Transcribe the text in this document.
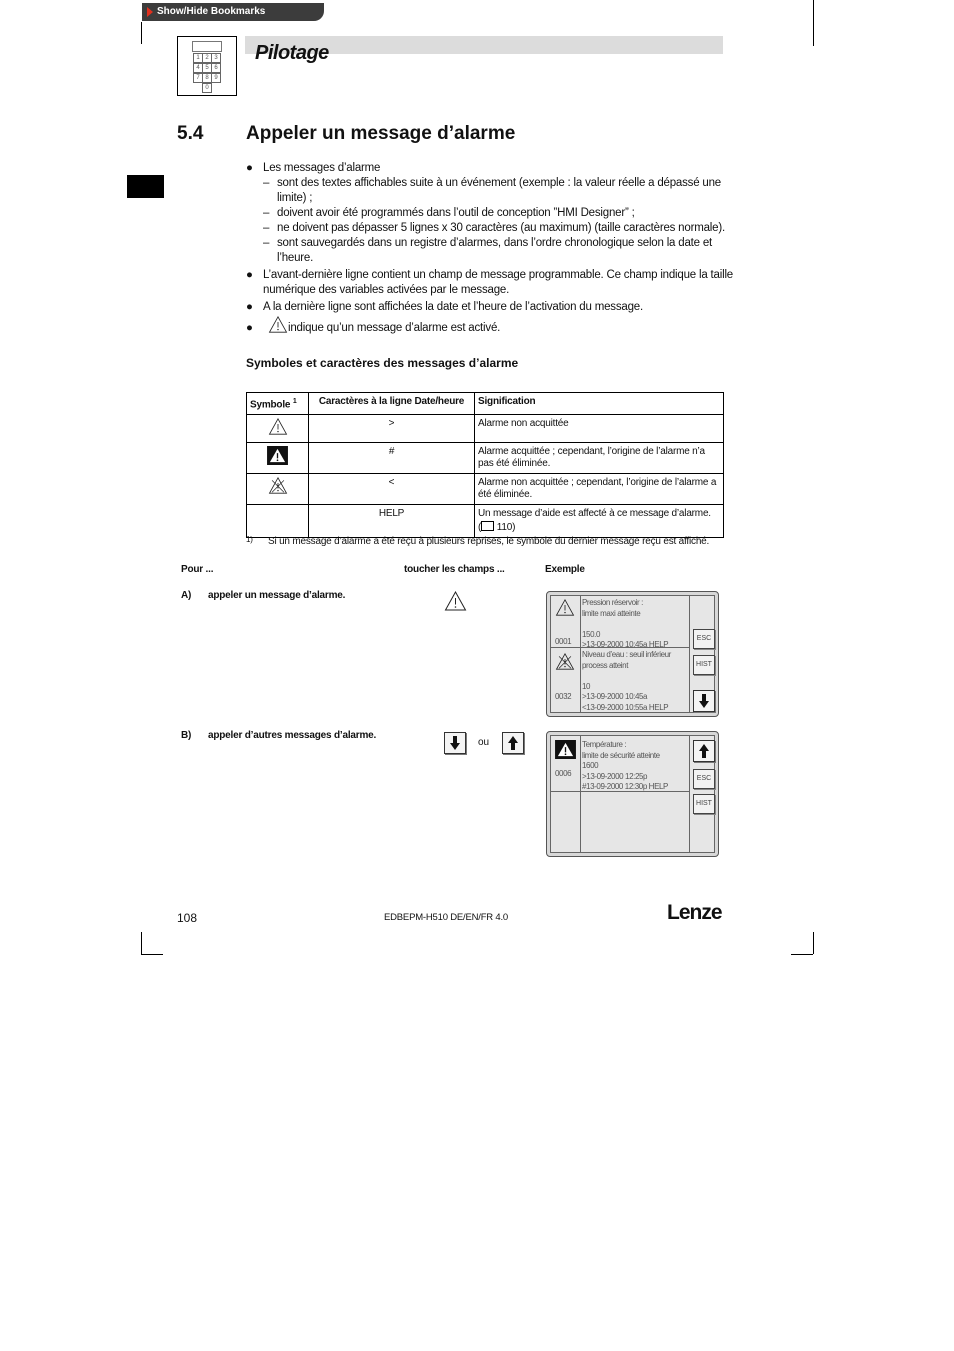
Show/Hide Bookmarks
1 2 3
4 5 6
7 8 9
0
Pilotage
5.4 Appeler un message d’alarme
● Les messages d’alarme
– sont des textes affichables suite à un événement (exemple : la valeur réelle a dépassé une
limite) ;
– doivent avoir été programmés dans l’outil de conception ”HMI Designer” ;
– ne doivent pas dépasser 5 lignes x 30 caractères (au maximum) (taille caractères normale).
– sont sauvegardés dans un registre d’alarmes, dans l’ordre chronologique selon la date et
l’heure.
● L’avant-dernière ligne contient un champ de message programmable. Ce champ indique la taille
numérique des variables activées par le message.
● A la dernière ligne sont affichées la date et l’heure de l’activation du message.
●	indique qu’un message d’alarme est activé.
Symboles et caractères des messages d’alarme
Symbole $^1$	Caractères à la ligne Date/heure	Signification
	>	Alarme non acquittée
	#	Alarme acquittée ; cependant, l’origine de l’alarme n’a pas été éliminée.
	<	Alarme non acquittée ; cependant, l’origine de l’alarme a été éliminée.
	HELP	Un message d’aide est affecté à ce message d’alarme.
( 110)
1) Si un message d’alarme a été reçu à plusieurs reprises, le symbole du dernier message reçu est affiché.
Pour ...	toucher les champs ...	Exemple
A) appeler un message d’alarme.
0001
Pression réservoir :
limite maxi atteinte
150.0
>13-09-2000 10:45a HELP
0032
Niveau d’eau : seuil inférieur
process atteint
10
>13-09-2000 10:45a
<13-09-2000 10:55a HELP
ESC
HIST
B) appeler d’autres messages d’alarme.
ou
0006
Température :
limite de sécurité atteinte
1600
>13-09-2000 12:25p
#13-09-2000 12:30p HELP
ESC
HIST
108	EDBEPM-H510 DE/EN/FR 4.0	Lenze
